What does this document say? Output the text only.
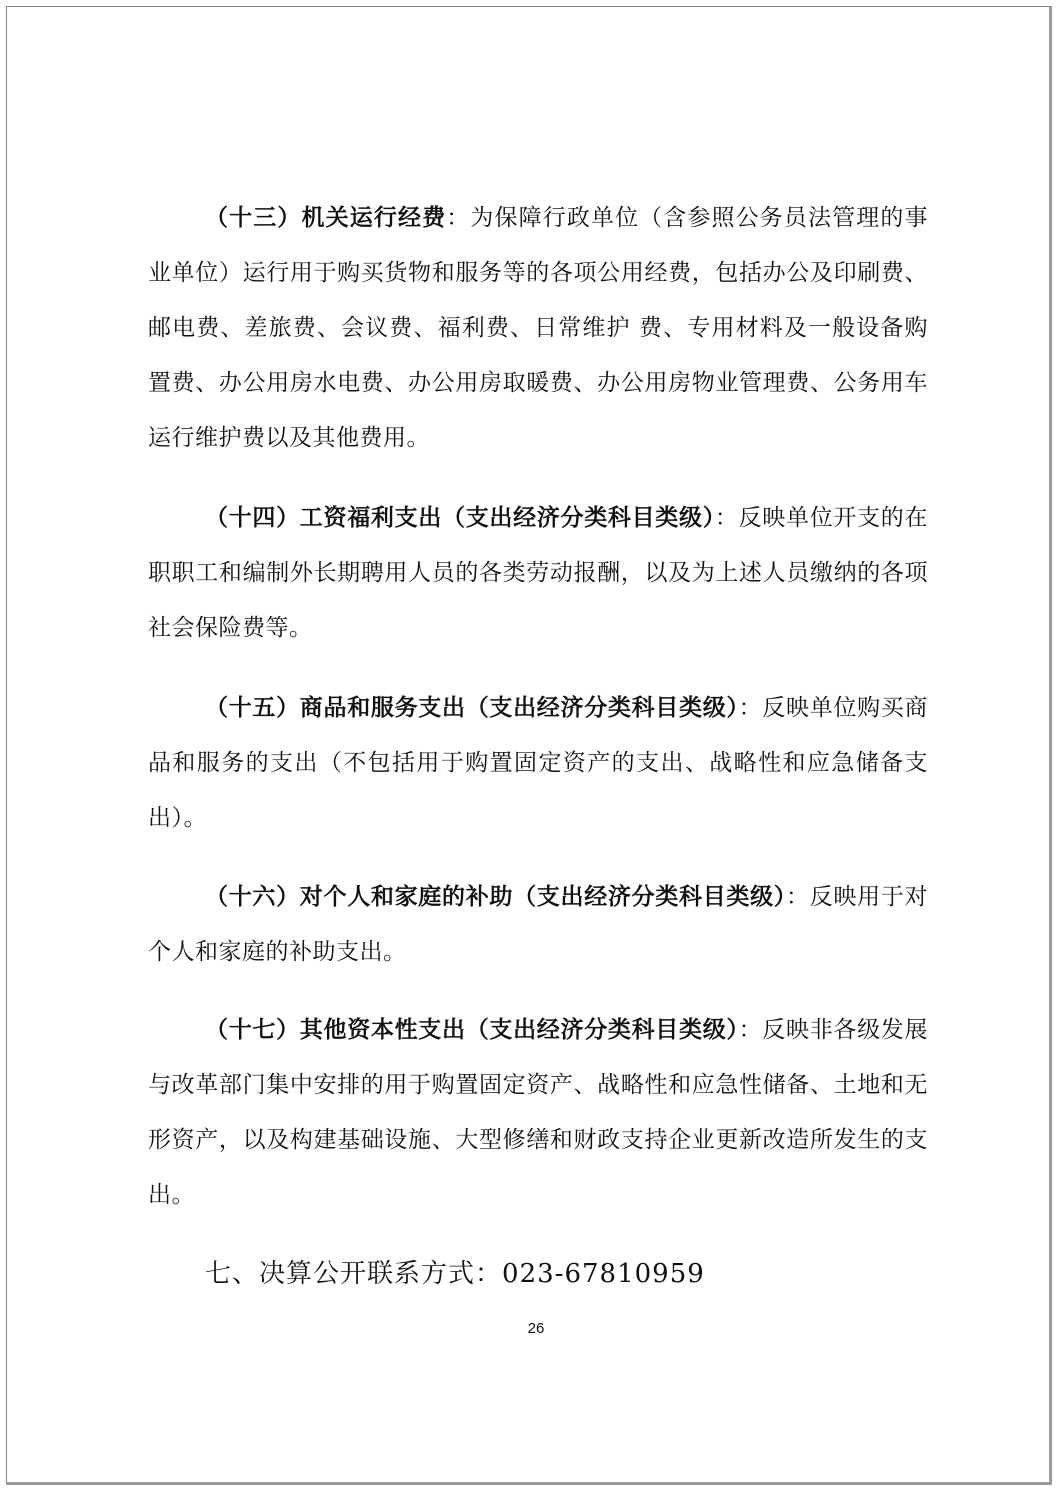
（十三）机关运行经费：为保障行政单位（含参照公务员法管理的事业单位）运行用于购买货物和服务等的各项公用经费，包括办公及印刷费、邮电费、差旅费、会议费、福利费、日常维护 费、专用材料及一般设备购置费、办公用房水电费、办公用房取暖费、办公用房物业管理费、公务用车运行维护费以及其他费用。

（十四）工资福利支出（支出经济分类科目类级）：反映单位开支的在职职工和编制外长期聘用人员的各类劳动报酬，以及为上述人员缴纳的各项社会保险费等。

（十五）商品和服务支出（支出经济分类科目类级）：反映单位购买商品和服务的支出（不包括用于购置固定资产的支出、战略性和应急储备支出）。

（十六）对个人和家庭的补助（支出经济分类科目类级）：反映用于对个人和家庭的补助支出。

（十七）其他资本性支出（支出经济分类科目类级）：反映非各级发展与改革部门集中安排的用于购置固定资产、战略性和应急性储备、土地和无形资产，以及构建基础设施、大型修缮和财政支持企业更新改造所发生的支出。

七、决算公开联系方式：023-67810959
26
